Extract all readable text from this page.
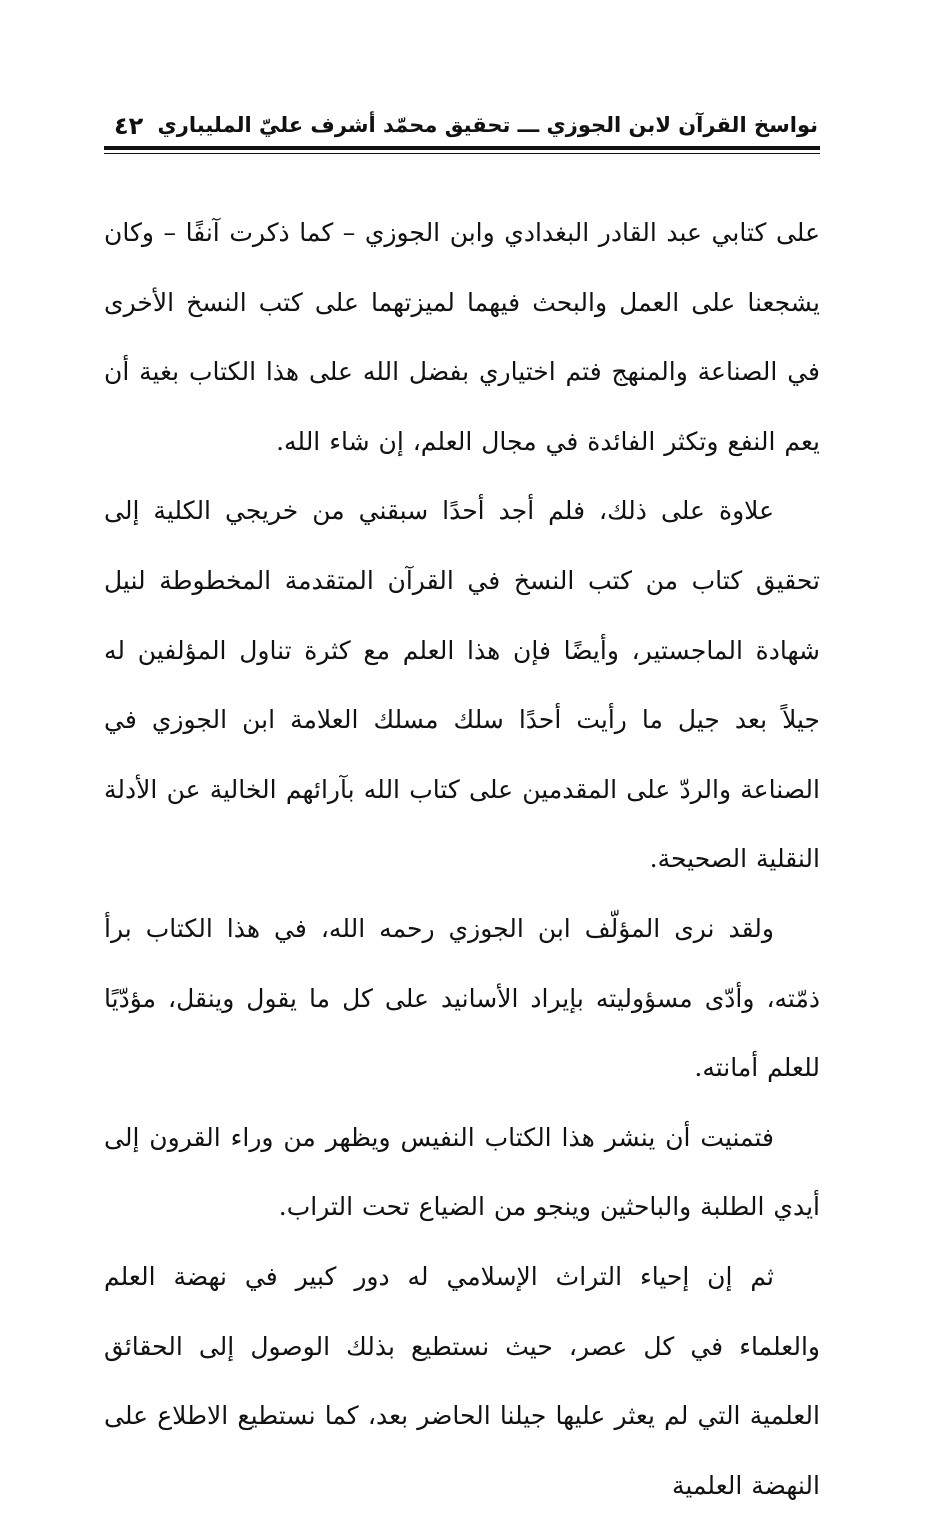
نواسخ القرآن لابن الجوزي ـــ تحقيق محمّد أشرف عليّ المليباري
٤٢

على كتابي عبد القادر البغدادي وابن الجوزي – كما ذكرت آنفًا – وكان يشجعنا على العمل والبحث فيهما لميزتهما على كتب النسخ الأخرى في الصناعة والمنهج فتم اختياري بفضل الله على هذا الكتاب بغية أن يعم النفع وتكثر الفائدة في مجال العلم، إن شاء الله.

علاوة على ذلك، فلم أجد أحدًا سبقني من خريجي الكلية إلى تحقيق كتاب من كتب النسخ في القرآن المتقدمة المخطوطة لنيل شهادة الماجستير، وأيضًا فإن هذا العلم مع كثرة تناول المؤلفين له جيلاً بعد جيل ما رأيت أحدًا سلك مسلك العلامة ابن الجوزي في الصناعة والردّ على المقدمين على كتاب الله بآرائهم الخالية عن الأدلة النقلية الصحيحة.

ولقد نرى المؤلّف ابن الجوزي رحمه الله، في هذا الكتاب برأ ذمّته، وأدّى مسؤوليته بإيراد الأسانيد على كل ما يقول وينقل، مؤدّيًا للعلم أمانته.

فتمنيت أن ينشر هذا الكتاب النفيس ويظهر من وراء القرون إلى أيدي الطلبة والباحثين وينجو من الضياع تحت التراب.

ثم إن إحياء التراث الإسلامي له دور كبير في نهضة العلم والعلماء في كل عصر، حيث نستطيع بذلك الوصول إلى الحقائق العلمية التي لم يعثر عليها جيلنا الحاضر بعد، كما نستطيع الاطلاع على النهضة العلمية
